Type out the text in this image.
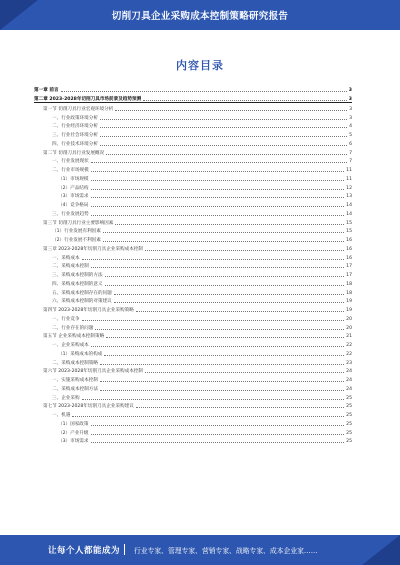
切削刀具企业采购成本控制策略研究报告
内容目录
第一章 前言	3
第二章 2023-2028年切削刀具市场前景及趋势预测	3
第一节 切削刀具行业宏观环境分析	3
一、行业政策环境分析	3
二、行业经济环境分析	4
三、行业社会环境分析	5
四、行业技术环境分析	6
第二节 切削刀具行业发展概况	7
一、行业发展现状	7
二、行业市场规模	11
（1）市场规模	11
（2）产品结构	12
（3）市场需求	13
（4）竞争格局	14
三、行业发展趋势	14
第三节 切削刀具行业主要影响因素	15
（1）行业发展有利因素	15
（2）行业发展不利因素	16
第三章 2023-2028年切削刀具企业采购成本控制	16
一、采购成本	16
二、采购成本控制	17
三、采购成本控制的方法	17
四、采购成本控制的意义	18
五、采购成本控制存在的问题	18
六、采购成本控制的对策建议	19
第四节 2023-2028年切削刀具企业采购策略	19
一、行业竞争	20
二、行业存在的问题	20
第五节 企业采购成本控制策略	21
一、企业采购成本	22
（1）采购成本的构成	22
二、采购成本控制策略	23
第六节 2023-2028年切削刀具企业采购成本控制	24
一、实施采购成本控制	24
二、采购成本控制方法	24
三、企业采购	25
第七节 2023-2028年切削刀具企业采购建议	25
一、机遇	25
（1）国家政策	25
（2）产业升级	25
（3）市场需求	25
让每个人都能成为 行业专家、管理专家、营销专家、战略专家、成本企业家……
